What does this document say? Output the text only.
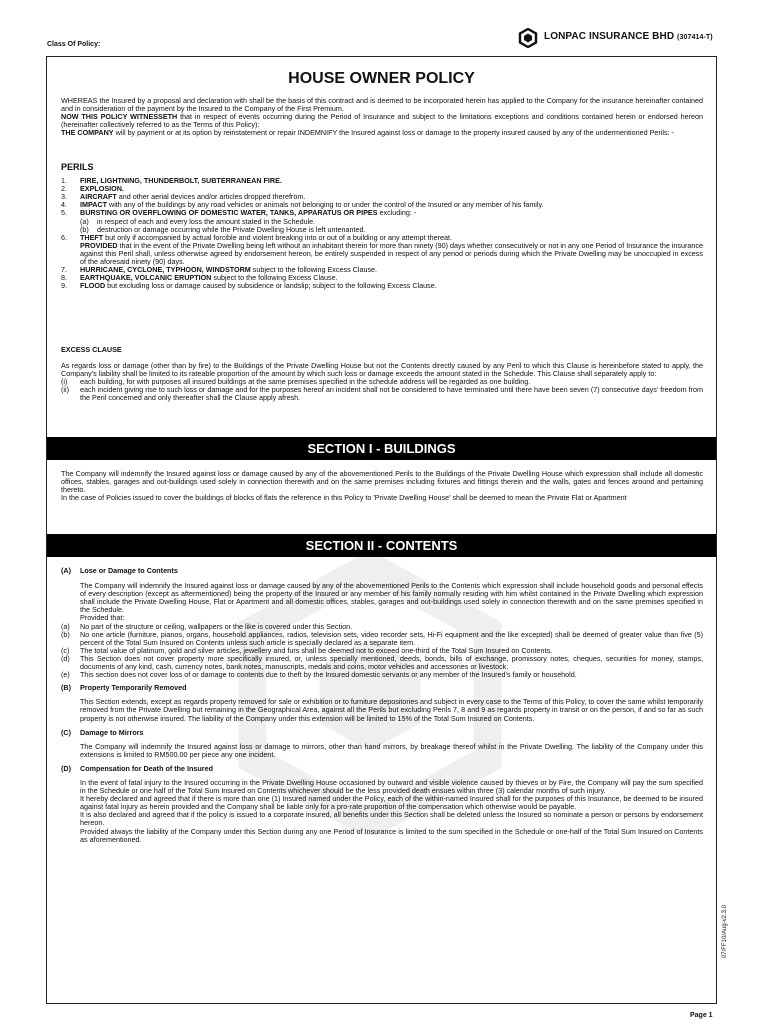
Class Of Policy:
LONPAC INSURANCE BHD (307414-T)
HOUSE OWNER POLICY

WHEREAS the Insured by a proposal and declaration with shall be the basis of this contract and is deemed to be incorporated herein has applied to the Company for the insurance hereinafter contained and in consideration of the payment by the Insured to the Company of the First Premium.

NOW THIS POLICY WITNESSETH that in respect of events occurring during the Period of Insurance and subject to the limitations exceptions and conditions contained herein or endorsed hereon (hereinafter collectively referred to as the Terms of this Policy):

THE COMPANY will by payment or at its option by reinstatement or repair INDEMNIFY the Insured against loss or damage to the property insured caused by any of the undermentioned Perils: -

PERILS
1.	FIRE, LIGHTNING, THUNDERBOLT, SUBTERRANEAN FIRE.
2.	EXPLOSION.
3.	AIRCRAFT and other aerial devices and/or articles dropped therefrom.
4.	IMPACT with any of the buildings by any road vehicles or animals not belonging to or under the control of the Insured or any member of his family.
5.	BURSTING OR OVERFLOWING OF DOMESTIC WATER, TANKS, APPARATUS OR PIPES excluding: -
(a)	in respect of each and every loss the amount stated in the Schedule.
(b)	destruction or damage occurring while the Private Dwelling House is left untenanted.
6.	THEFT but only if accompanied by actual forcible and violent breaking into or out of a building or any attempt thereat.

PROVIDED that in the event of the Private Dwelling being left without an inhabitant therein for more than ninety (90) days whether consecutively or not in any one Period of Insurance the insurance against this Peril shall, unless otherwise agreed by endorsement hereon, be entirely suspended in respect of any period or periods during which the Private Dwelling may be unoccupied in excess of the aforesaid ninety (90) days.

7.	HURRICANE, CYCLONE, TYPHOON, WINDSTORM subject to the following Excess Clause.
8.	EARTHQUAKE, VOLCANIC ERUPTION subject to the following Excess Clause.
9.	FLOOD but excluding loss or damage caused by subsidence or landslip; subject to the following Excess Clause.
EXCESS CLAUSE

As regards loss or damage (other than by fire) to the Buildings of the Private Dwelling House but not the Contents directly caused by any Peril to which this Clause is hereinbefore stated to apply, the Company's liability shall be limited to its rateable proportion of the amount by which such loss or damage exceeds the amount stated in the Schedule. This Clause shall separately apply to:

(i)	each building, for with purposes all insured buildings at the same premises specified in the schedule address will be regarded as one building.
(ii)	each incident giving rise to such loss or damage and for the purposes hereof an incident shall not be considered to have terminated until there have been seven (7) consecutive days' freedom from the Peril concerned and only thereafter shall the Clause apply afresh.
SECTION I - BUILDINGS

The Company will indemnify the Insured against loss or damage caused by any of the abovementioned Perils to the Buildings of the Private Dwelling House which expression shall include all domestic offices, stables, garages and out-buildings used solely in connection therewith and on the same premises including fixtures and fittings therein and the walls, gates and fences around and pertaining thereto.

In the case of Policies issued to cover the buildings of blocks of flats the reference in this Policy to 'Private Dwelling House' shall be deemed to mean the Private Flat or Apartment

SECTION II - CONTENTS
(A)	Lose or Damage to Contents

The Company will indemnify the Insured against loss or damage caused by any of the abovementioned Perils to the Contents which expression shall include household goods and personal effects of every description (except as aftermentioned) being the property of the Insured or any member of his family normally residing with him whilst contained in the Private Dwelling which expression shall include the Private Dwelling House, Flat or Apartment and all domestic offices, stables, garages and out-buildings used solely in connection therewith and on the same premises specified in the Schedule.

Provided that:

(a)	No part of the structure or ceiling, wallpapers or the like is covered under this Section.
(b)	No one article (furniture, pianos, organs, household appliances, radios, television sets, video recorder sets, Hi-Fi equipment and the like excepted) shall be deemed of greater value than five (5) percent of the Total Sum Insured on Contents unless such article is specially declared as a separate item.
(c)	The total value of platinum, gold and silver articles, jewellery and furs shall be deemed not to exceed one-third of the Total Sum Insured on Contents.
(d)	This Section does not cover property more specifically insured, or, unless specially mentioned, deeds, bonds, bills of exchange, promissory notes, cheques, securities for money, stamps, documents of any kind, cash, currency notes, bank notes, manuscripts, medals and coins, motor vehicles and accessories or livestock.
(e)	This section does not cover loss of or damage to contents due to theft by the Insured domestic servants or any member of the Insured's family or household.
(B)	Property Temporarily Removed

This Section extends, except as regards property removed for sale or exhibition or to furniture depositories and subject in every case to the Terms of this Policy, to cover the same whilst temporarily removed from the Private Dwelling but remaining in the Geographical Area, against all the Perils but excluding Perils 7, 8 and 9 as regards property in transit or on the person, if and so far as such property is not otherwise insured. The liability of the Company under this extension will be limited to 15% of the Total Sum Insured on Contents.

(C)	Damage to Mirrors

The Company will indemnify the Insured against loss or damage to mirrors, other than hand mirrors, by breakage thereof whilst in the Private Dwelling. The liability of the Company under this extensions is limited to RM500.00 per piece any one incident.

(D)	Compensation for Death of the Insured

In the event of fatal injury to the Insured occurring in the Private Dwelling House occasioned by outward and visible violence caused by thieves or by Fire, the Company will pay the sum specified in the Schedule or one half of the Total Sum Insured on Contents whichever should be the less provided death ensues within three (3) calendar months of such injury.

It hereby declared and agreed that if there is more than one (1) Insured named under the Policy, each of the within-named Insured shall for the purposes of this Insurance, be deemed to be insured against fatal injury as herein provided and the Company shall be liable only for a pro-rate proportion of the compensation which otherwise would be payable.

It is also declared and agreed that if the policy is issued to a corporate insured, all benefits under this Section shall be deleted unless the Insured so nominate a person or persons by endorsement hereon.

Provided always the liability of the Company under this Section during any one Period of Insurance is limited to the sum specified in the Schedule or one-half of the Total Sum Insured on Contents as aforementioned.

07/FF10/Aug-v2.3.0
Page 1
